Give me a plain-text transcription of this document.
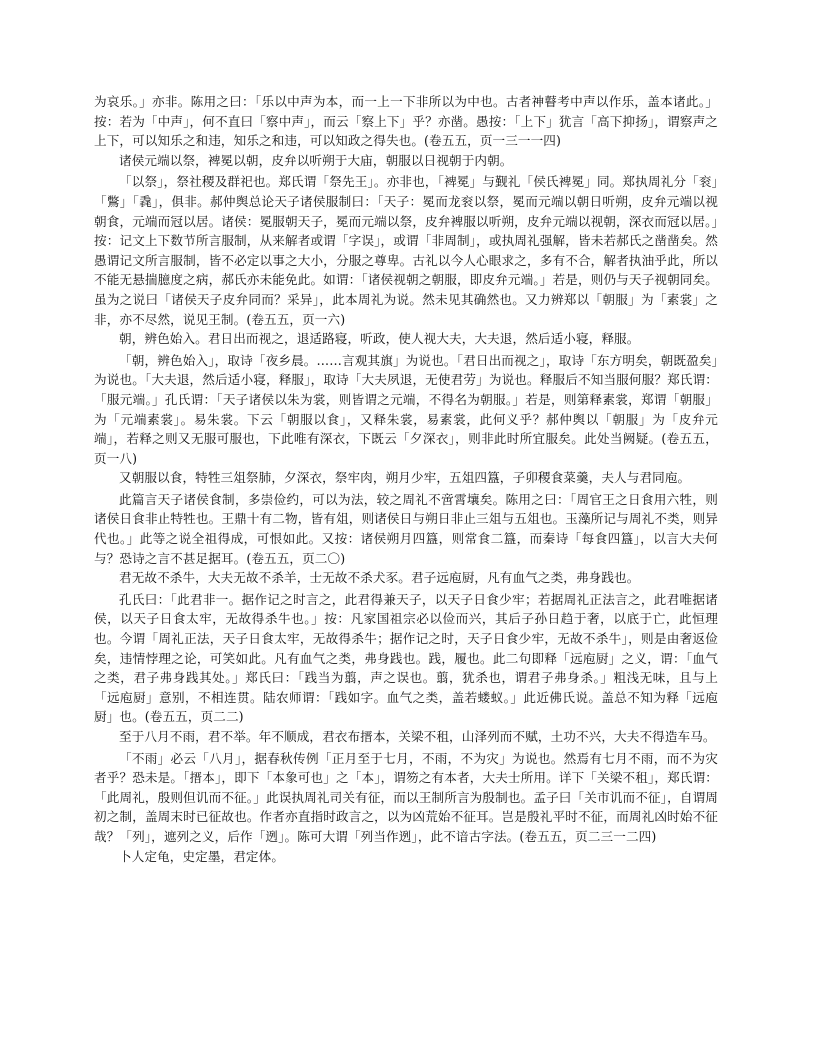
为哀乐。」亦非。陈用之曰：「乐以中声为本，而一上一下非所以为中也。古者神瞽考中声以作乐，盖本诸此。」按：若为「中声」，何不直曰「察中声」，而云「察上下」乎？亦凿。愚按：「上下」犹言「高下抑扬」，谓察声之上下，可以知乐之和违，知乐之和违，可以知政之得失也。(卷五五，页一三一一四)

诸侯元端以祭，裨冕以朝，皮弁以听朔于大庙，朝服以日视朝于内朝。

「以祭」，祭社稷及群祀也。郑氏谓「祭先王」。亦非也，「裨冕」与觐礼「侯氏裨冕」同。郑执周礼分「衮」「鷩」「毳」，俱非。郝仲舆总论天子诸侯服制曰：「天子：冕而龙衮以祭，冕而元端以朝日听朔，皮弁元端以视朝食，元端而冠以居。诸侯：冕服朝天子，冕而元端以祭，皮弁裨服以听朔，皮弁元端以视朝，深衣而冠以居。」按：记文上下数节所言服制，从来解者或谓「字误」，或谓「非周制」，或执周礼强解，皆未若郝氏之凿凿矣。然愚谓记文所言服制，皆不必定以事之大小，分服之尊卑。古礼以今人心眼求之，多有不合，解者执油乎此，所以不能无悬揣臆度之病，郝氏亦未能免此。如谓：「诸侯视朝之朝服，即皮弁元端。」若是，则仍与天子视朝同矣。虽为之说曰「诸侯天子皮弁同而？采异」，此本周礼为说。然未见其确然也。又力辨郑以「朝服」为「素裳」之非，亦不尽然，说见王制。(卷五五，页一六)

朝，辨色始入。君日出而视之，退适路寝，听政，使人视大夫，大夫退，然后适小寝，释服。

「朝，辨色始入」，取诗「夜乡晨。……言观其旗」为说也。「君日出而视之」，取诗「东方明矣，朝既盈矣」为说也。「大夫退，然后适小寝，释服」，取诗「大夫夙退，无使君劳」为说也。释服后不知当服何服？郑氏谓：「服元端。」孔氏谓：「天子诸侯以朱为裳，则皆谓之元端，不得名为朝服。」若是，则第释素裳，郑谓「朝服」为「元端素裳」。易朱裳。下云「朝服以食」，又释朱裳，易素裳，此何义乎？郝仲舆以「朝服」为「皮弁元端」，若释之则又无服可服也，下此唯有深衣，下既云「夕深衣」，则非此时所宜服矣。此处当阙疑。(卷五五，页一八)

又朝服以食，特牲三俎祭肺，夕深衣，祭牢肉，朔月少牢，五俎四簋，子卯稷食菜羹，夫人与君同庖。

此篇言天子诸侯食制，多崇俭约，可以为法，较之周礼不啻霄壤矣。陈用之曰：「周官王之日食用六牲，则诸侯日食非止特牲也。王鼎十有二物，皆有俎，则诸侯日与朔日非止三俎与五俎也。玉藻所记与周礼不类，则异代也。」此等之说全祖得成，可恨如此。又按：诸侯朔月四簋，则常食二簋，而秦诗「每食四簋」，以言大夫何与？恐诗之言不甚足据耳。(卷五五，页二〇)

君无故不杀牛，大夫无故不杀羊，士无故不杀犬豕。君子远庖厨，凡有血气之类，弗身践也。

孔氏曰：「此君非一。据作记之时言之，此君得兼天子，以天子日食少牢；若据周礼正法言之，此君唯据诸侯，以天子日食太牢，无故得杀牛也。」按：凡家国祖宗必以俭而兴，其后子孙日趋于奢，以底于亡，此恒理也。今谓「周礼正法，天子日食太牢，无故得杀牛；据作记之时，天子日食少牢，无故不杀牛」，则是由奢返俭矣，违情悖理之论，可笑如此。凡有血气之类，弗身践也。践，履也。此二句即释「远庖厨」之义，谓：「血气之类，君子弗身践其处。」郑氏曰：「践当为翦，声之误也。翦，犹杀也，谓君子弗身杀。」粗浅无味，且与上「远庖厨」意别，不相连贯。陆农师谓：「践如字。血气之类，盖若蝼蚁。」此近佛氏说。盖总不知为释「远庖厨」也。(卷五五，页二二)

至于八月不雨，君不举。年不顺成，君衣布搢本，关梁不租，山泽列而不赋，土功不兴，大夫不得造车马。

「不雨」必云「八月」，据春秋传例「正月至于七月，不雨，不为灾」为说也。然焉有七月不雨，而不为灾者乎？恐未是。「搢本」，即下「本象可也」之「本」，谓笏之有本者，大夫士所用。详下「关梁不租」，郑氏谓：「此周礼，殷则但讥而不征。」此误执周礼司关有征，而以王制所言为殷制也。孟子曰「关市讥而不征」，自谓周初之制，盖周末时已征故也。作者亦直指时政言之，以为凶荒始不征耳。岂是殷礼平时不征，而周礼凶时始不征哉？「列」，遮列之义，后作「迾」。陈可大谓「列当作迾」，此不谙古字法。(卷五五，页二三一二四)

卜人定龟，史定墨，君定体。
